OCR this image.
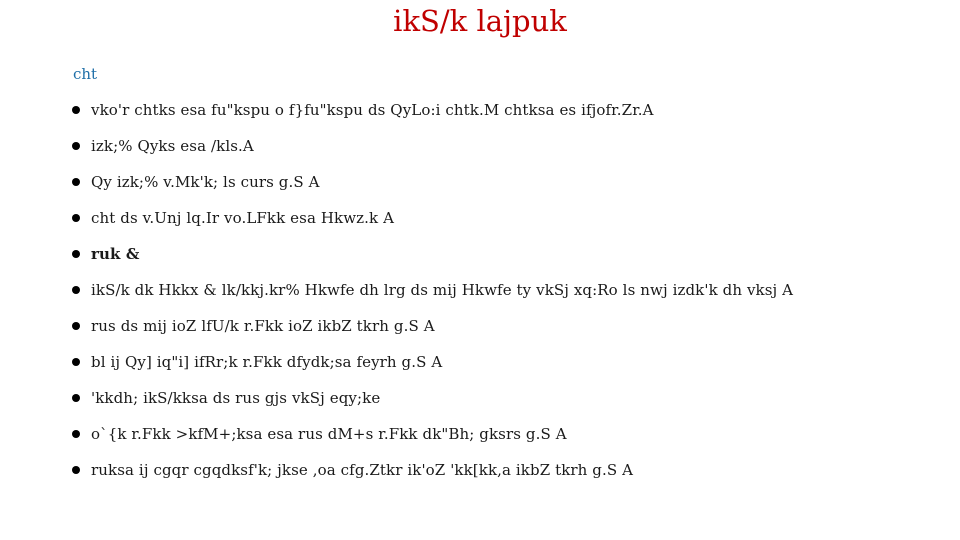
ikS/k lajpuk
cht
vko'r chtks esa fu"kspu o f}fu"kspu ds QyLo:i chtk.M chtksa es ifjofr.Zr.A
izk;% Qyks esa /kls.A
Qy izk;% v.Mk'k; ls curs g.S A
cht ds v.Unj lq.Ir vo.LFkk esa Hkwz.k A
ruk &
ikS/k dk Hkkx & lk/kkj.kr% Hkwfe dh lrg ds mij Hkwfe ty vkSj xq:Ro ls nwj izdk'k dh vksj A
rus ds mij ioZ lfU/k r.Fkk ioZ ikbZ tkrh g.S A
bl ij Qy] iq"i] ifRr;k r.Fkk dfydk;sa feyrh g.S A
'kkdh; ikS/kksa ds rus gjs vkSj eqy;ke
o`{k r.Fkk >kfM+;ksa esa rus dM+s r.Fkk dk"Bh; gksrs g.S A
ruksa ij cgqr cgqdksf'k; jkse ,oa cfg.Ztkr ik'oZ 'kk[kk,a ikbZ tkrh g.S A
